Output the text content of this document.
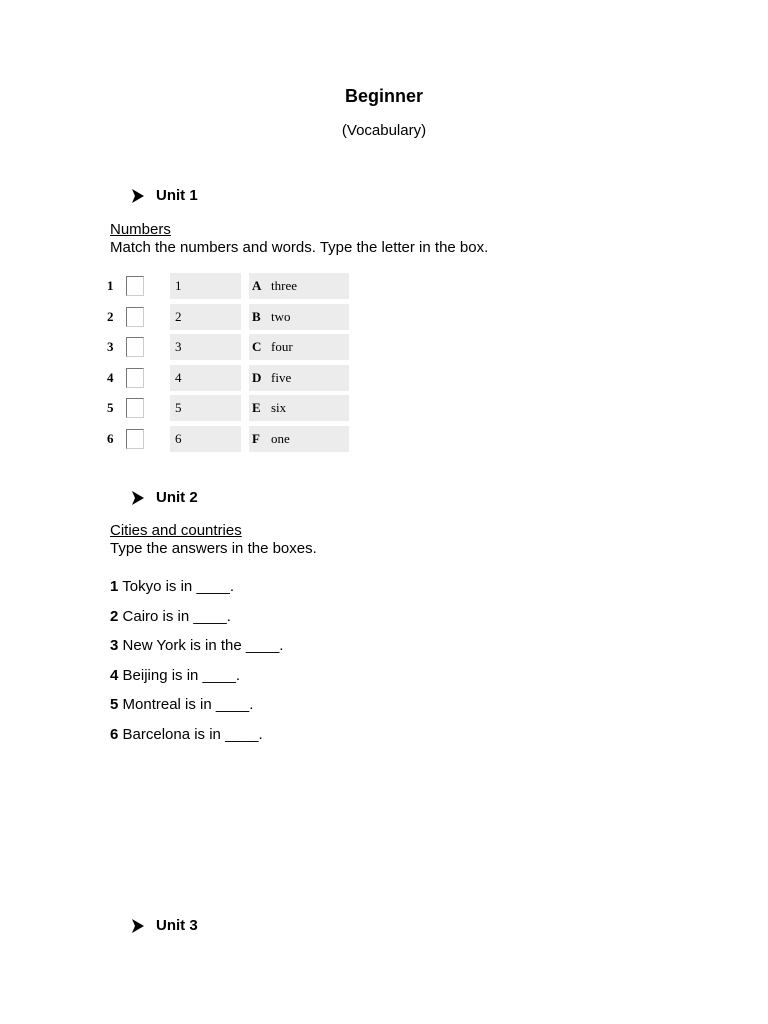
Beginner
(Vocabulary)
Unit 1
Numbers
Match the numbers and words. Type the letter in the box.
1	1	A three
2	2	B two
3	3	C four
4	4	D five
5	5	E six
6	6	F one
Unit 2
Cities and countries
Type the answers in the boxes.
1 Tokyo is in ____.
2 Cairo is in ____.
3 New York is in the ____.
4 Beijing is in ____.
5 Montreal is in ____.
6 Barcelona is in ____.
Unit 3
